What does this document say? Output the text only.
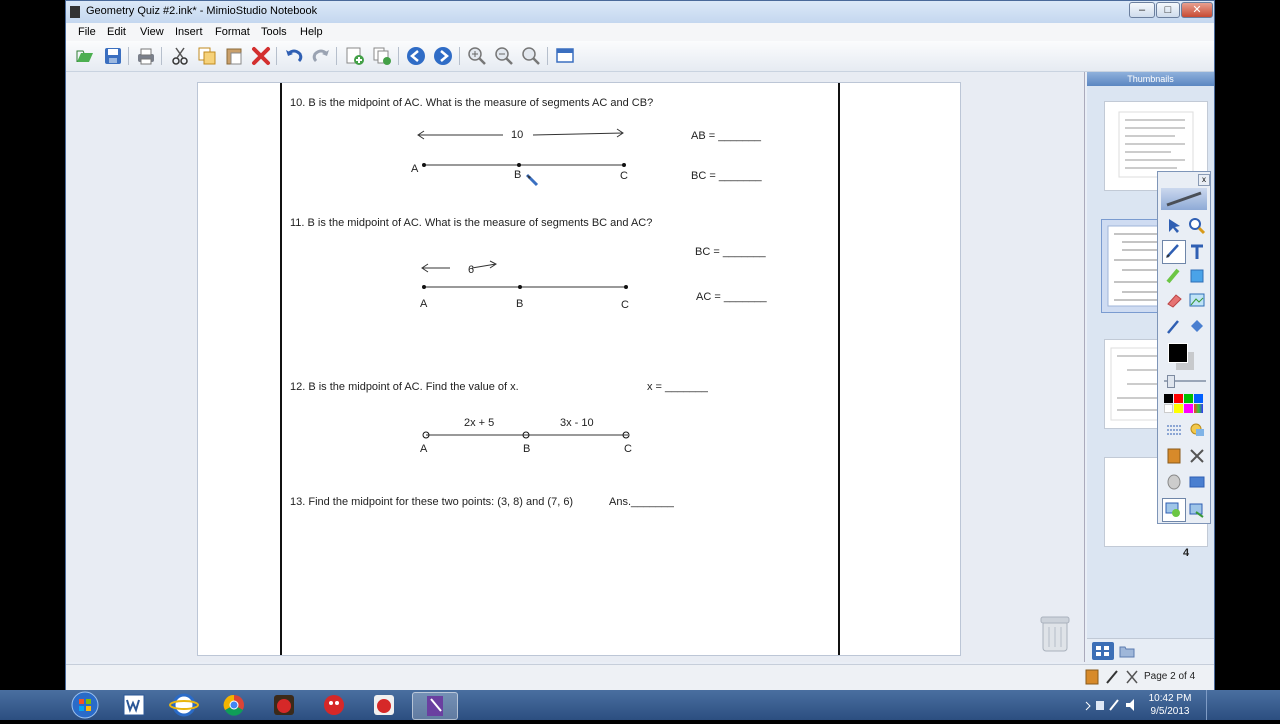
Geometry Quiz #2.ink* - MimioStudio Notebook	–	□	✕
File Edit View Insert Format Tools Help
10. B is the midpoint of AC. What is the measure of segments AC and CB?
10
A	B	C
AB = _______
BC = _______
11. B is the midpoint of AC. What is the measure of segments BC and AC?
6
A	B	C
BC = _______
AC = _______
12. B is the midpoint of AC. Find the value of x.	x = _______
2x + 5	3x - 10
A	B	C
13. Find the midpoint for these two points: (3, 8) and (7, 6)	Ans._______
Thumbnails
4
x
Page 2 of 4
10:42 PM
9/5/2013
